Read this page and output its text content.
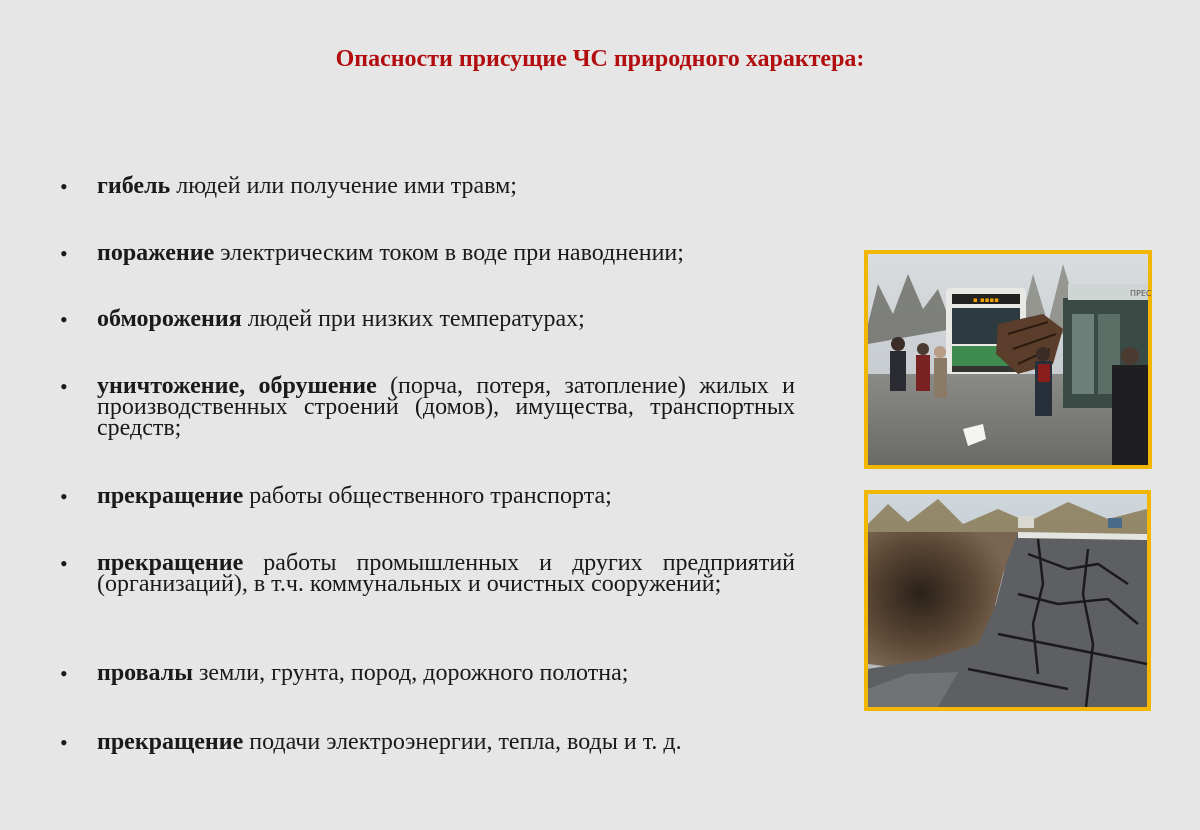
Опасности присущие ЧС природного характера:
• гибель людей или получение ими травм;
• поражение электрическим током в воде при наводнении;
• обморожения людей при низких температурах;
• уничтожение, обрушение (порча, потеря, затопление) жилых и производственных строений (домов), имущества, транспортных средств;
• прекращение работы общественного транспорта;
• прекращение работы промышленных и других предприятий (организаций), в т.ч. коммунальных и очистных сооружений;
• провалы земли, грунта, пород, дорожного полотна;
• прекращение подачи электроэнергии, тепла, воды и т. д.
▪ ▪▪▪▪
ПРЕС
